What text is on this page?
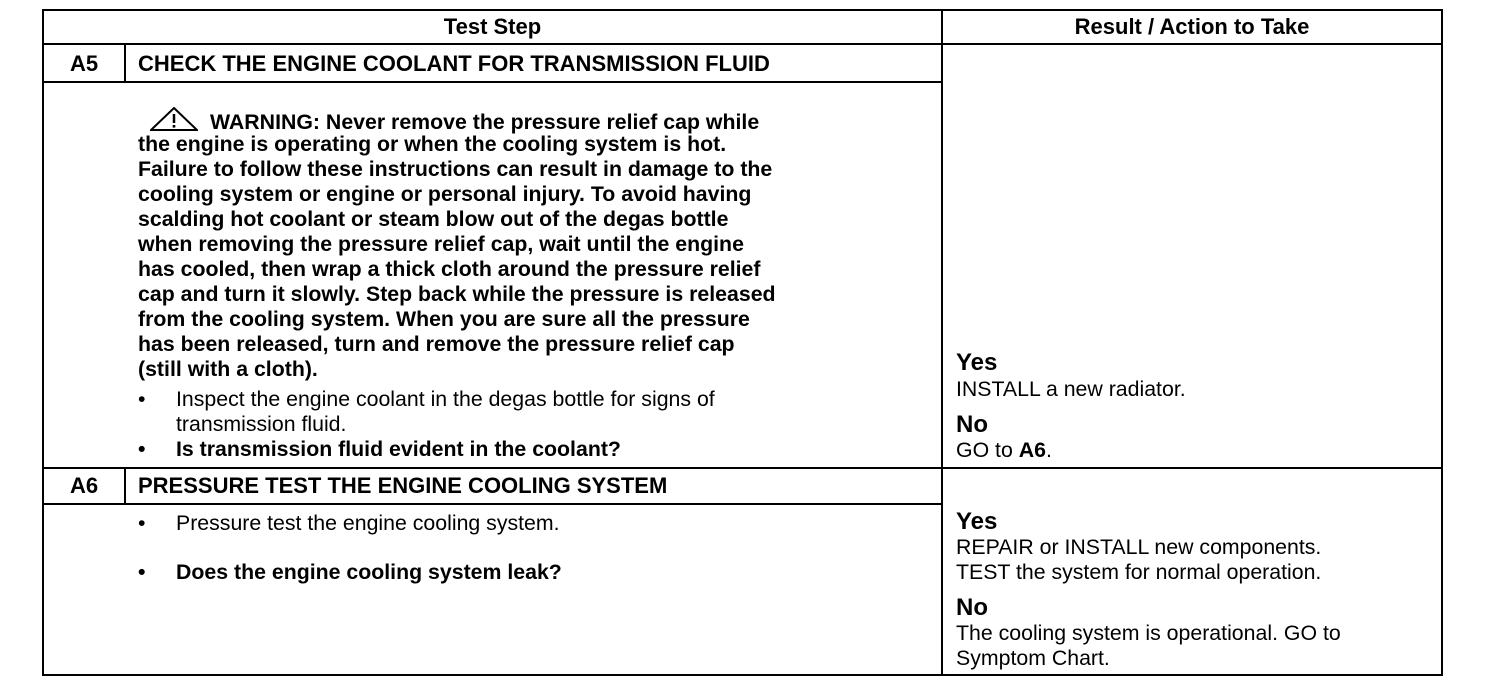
Test Step	Result / Action to Take
A5	CHECK THE ENGINE COOLANT FOR TRANSMISSION FLUID
WARNING: Never remove the pressure relief cap while
the engine is operating or when the cooling system is hot.
Failure to follow these instructions can result in damage to the
cooling system or engine or personal injury. To avoid having
scalding hot coolant or steam blow out of the degas bottle
when removing the pressure relief cap, wait until the engine
has cooled, then wrap a thick cloth around the pressure relief
cap and turn it slowly. Step back while the pressure is released
from the cooling system. When you are sure all the pressure
has been released, turn and remove the pressure relief cap
(still with a cloth).
•	Inspect the engine coolant in the degas bottle for signs of
transmission fluid.
•	Is transmission fluid evident in the coolant?
Yes
INSTALL a new radiator.
No
GO to A6.
A6	PRESSURE TEST THE ENGINE COOLING SYSTEM
•	Pressure test the engine cooling system.
•	Does the engine cooling system leak?
Yes
REPAIR or INSTALL new components.
TEST the system for normal operation.
No
The cooling system is operational. GO to
Symptom Chart.
